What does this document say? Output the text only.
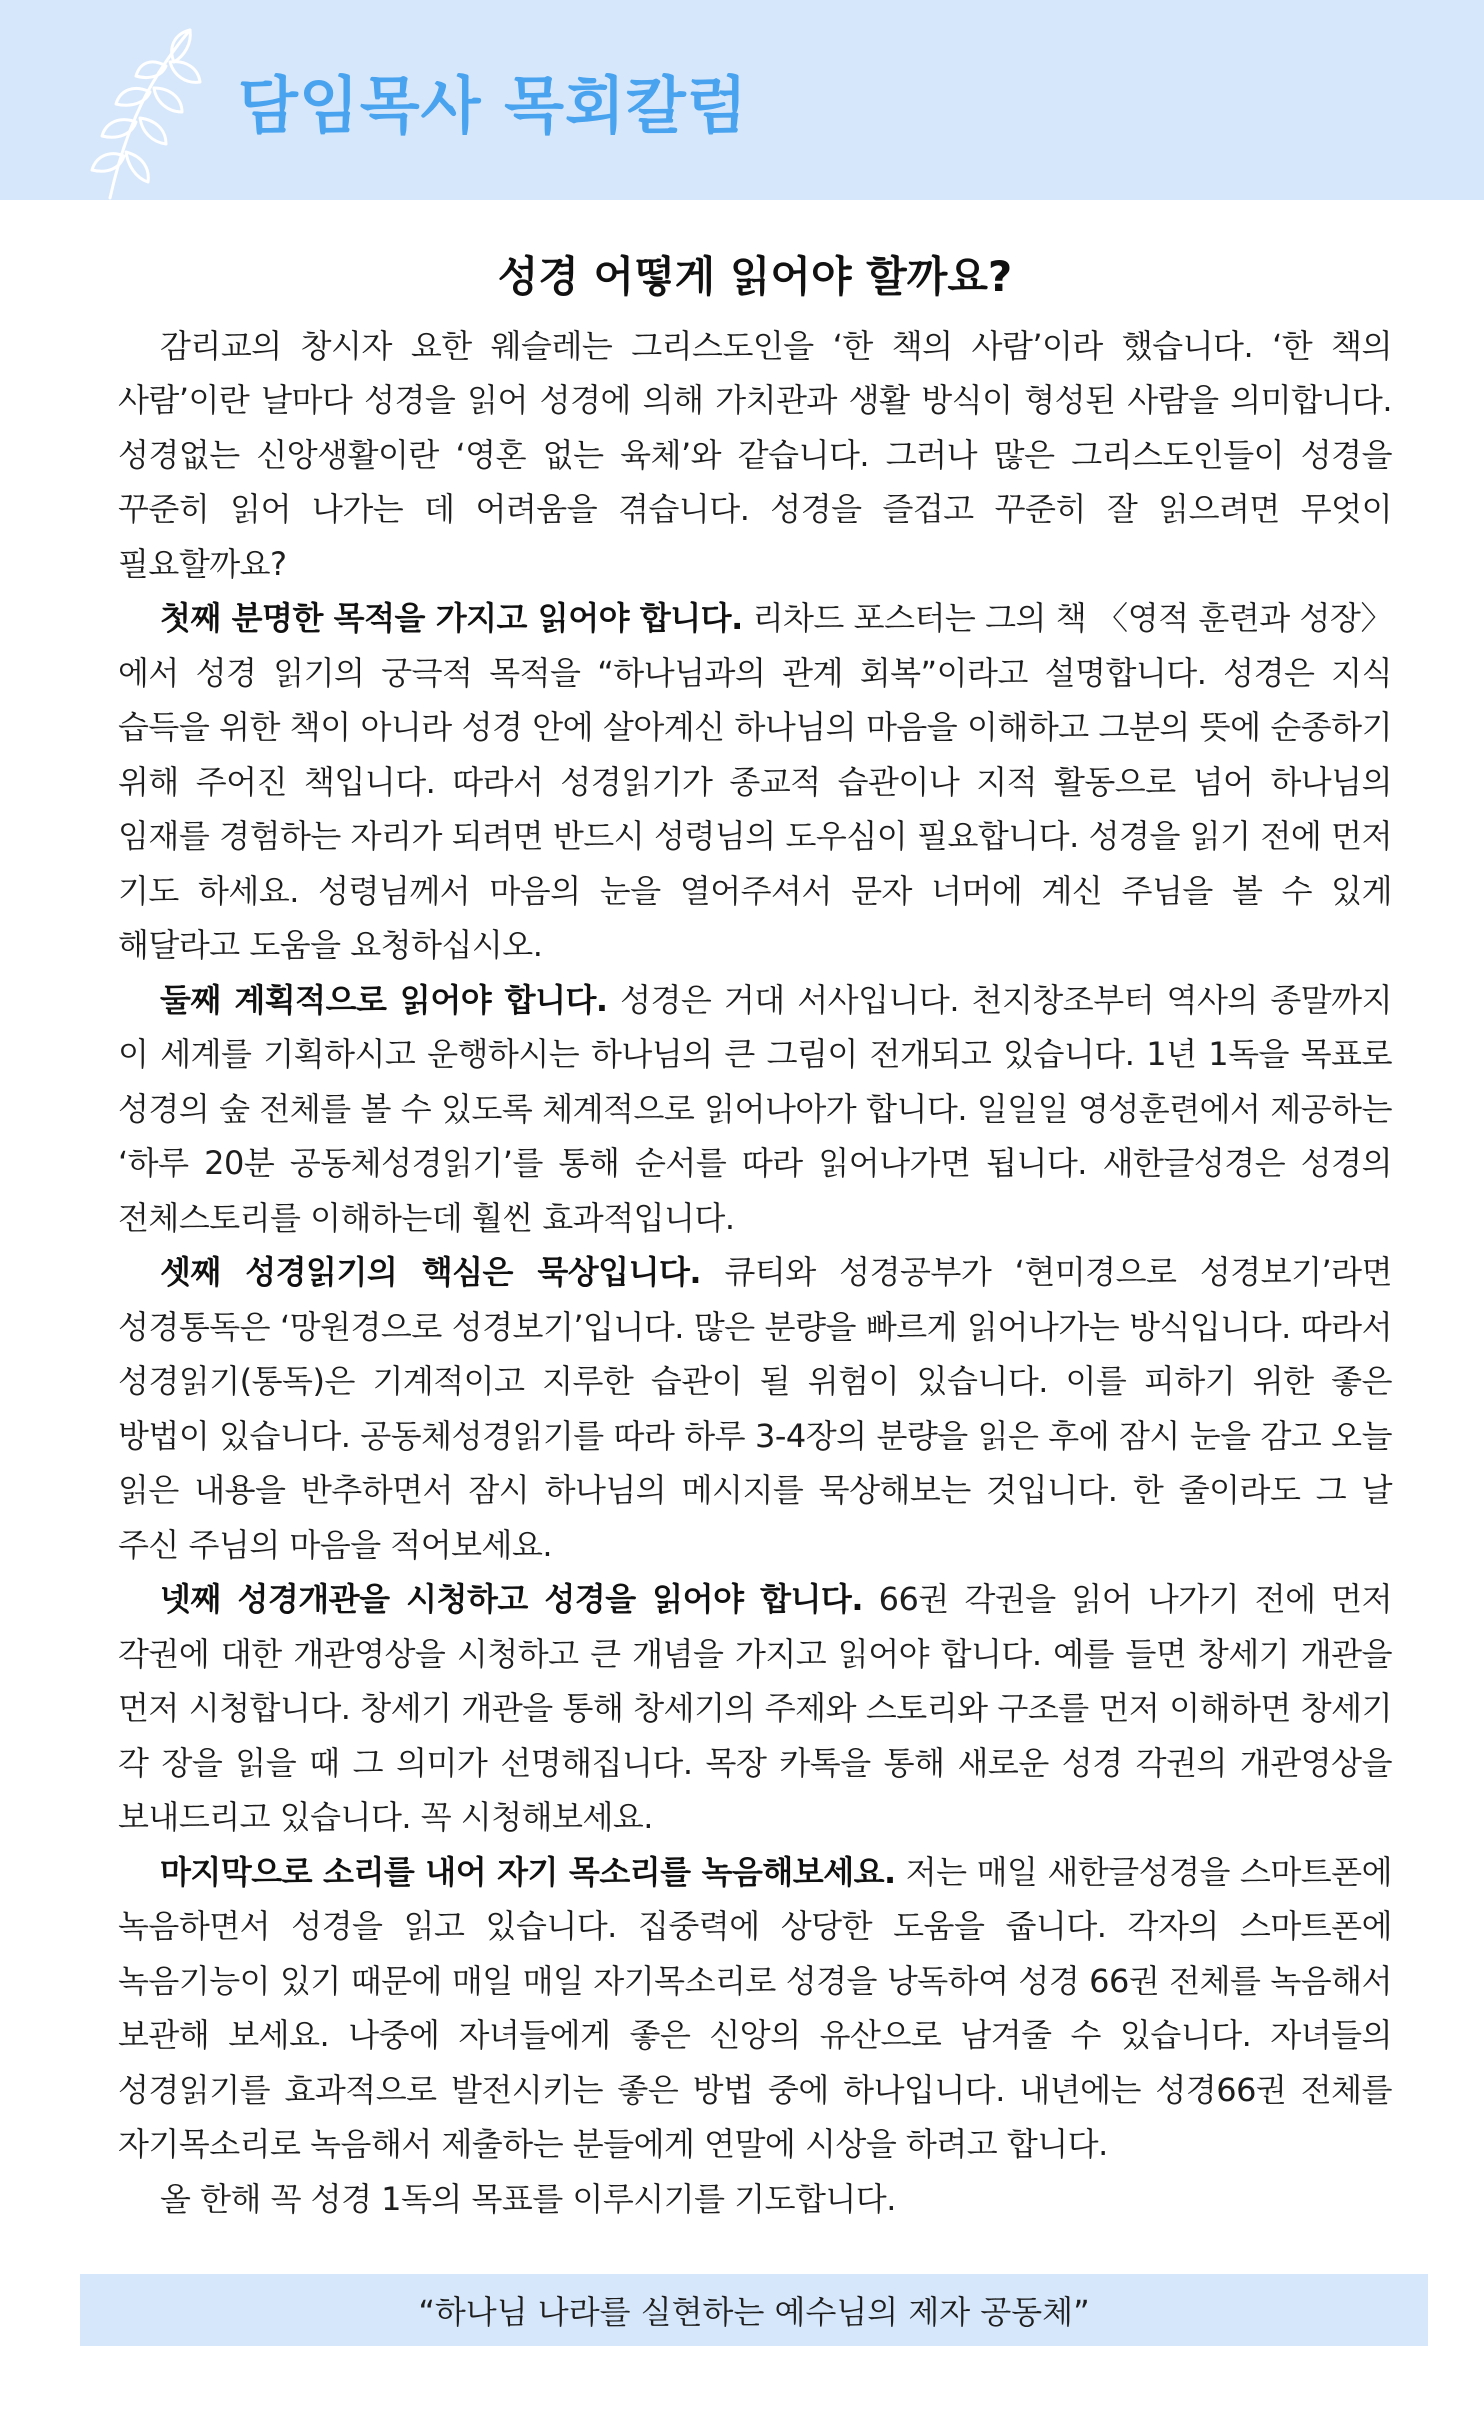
담임목사 목회칼럼
성경 어떻게 읽어야 할까요?

감리교의 창시자 요한 웨슬레는 그리스도인을 ‘한 책의 사람’이라 했습니다. ‘한 책의 사람’이란 날마다 성경을 읽어 성경에 의해 가치관과 생활 방식이 형성된 사람을 의미합니다. 성경없는 신앙생활이란 ‘영혼 없는 육체’와 같습니다. 그러나 많은 그리스도인들이 성경을 꾸준히 읽어 나가는 데 어려움을 겪습니다. 성경을 즐겁고 꾸준히 잘 읽으려면 무엇이 필요할까요?

첫째 분명한 목적을 가지고 읽어야 합니다. 리차드 포스터는 그의 책 〈영적 훈련과 성장〉에서 성경 읽기의 궁극적 목적을 “하나님과의 관계 회복”이라고 설명합니다. 성경은 지식 습득을 위한 책이 아니라 성경 안에 살아계신 하나님의 마음을 이해하고 그분의 뜻에 순종하기 위해 주어진 책입니다. 따라서 성경읽기가 종교적 습관이나 지적 활동으로 넘어 하나님의 임재를 경험하는 자리가 되려면 반드시 성령님의 도우심이 필요합니다. 성경을 읽기 전에 먼저 기도 하세요. 성령님께서 마음의 눈을 열어주셔서 문자 너머에 계신 주님을 볼 수 있게 해달라고 도움을 요청하십시오.

둘째 계획적으로 읽어야 합니다. 성경은 거대 서사입니다. 천지창조부터 역사의 종말까지 이 세계를 기획하시고 운행하시는 하나님의 큰 그림이 전개되고 있습니다. 1년 1독을 목표로 성경의 숲 전체를 볼 수 있도록 체계적으로 읽어나아가 합니다. 일일일 영성훈련에서 제공하는 ‘하루 20분 공동체성경읽기’를 통해 순서를 따라 읽어나가면 됩니다. 새한글성경은 성경의 전체스토리를 이해하는데 훨씬 효과적입니다.

셋째 성경읽기의 핵심은 묵상입니다. 큐티와 성경공부가 ‘현미경으로 성경보기’라면 성경통독은 ‘망원경으로 성경보기’입니다. 많은 분량을 빠르게 읽어나가는 방식입니다. 따라서 성경읽기(통독)은 기계적이고 지루한 습관이 될 위험이 있습니다. 이를 피하기 위한 좋은 방법이 있습니다. 공동체성경읽기를 따라 하루 3-4장의 분량을 읽은 후에 잠시 눈을 감고 오늘 읽은 내용을 반추하면서 잠시 하나님의 메시지를 묵상해보는 것입니다. 한 줄이라도 그 날 주신 주님의 마음을 적어보세요.

넷째 성경개관을 시청하고 성경을 읽어야 합니다. 66권 각권을 읽어 나가기 전에 먼저 각권에 대한 개관영상을 시청하고 큰 개념을 가지고 읽어야 합니다. 예를 들면 창세기 개관을 먼저 시청합니다. 창세기 개관을 통해 창세기의 주제와 스토리와 구조를 먼저 이해하면 창세기 각 장을 읽을 때 그 의미가 선명해집니다. 목장 카톡을 통해 새로운 성경 각권의 개관영상을 보내드리고 있습니다. 꼭 시청해보세요.

마지막으로 소리를 내어 자기 목소리를 녹음해보세요. 저는 매일 새한글성경을 스마트폰에 녹음하면서 성경을 읽고 있습니다. 집중력에 상당한 도움을 줍니다. 각자의 스마트폰에 녹음기능이 있기 때문에 매일 매일 자기목소리로 성경을 낭독하여 성경 66권 전체를 녹음해서 보관해 보세요. 나중에 자녀들에게 좋은 신앙의 유산으로 남겨줄 수 있습니다. 자녀들의 성경읽기를 효과적으로 발전시키는 좋은 방법 중에 하나입니다. 내년에는 성경66권 전체를 자기목소리로 녹음해서 제출하는 분들에게 연말에 시상을 하려고 합니다.

올 한해 꼭 성경 1독의 목표를 이루시기를 기도합니다.

“하나님 나라를 실현하는 예수님의 제자 공동체”
